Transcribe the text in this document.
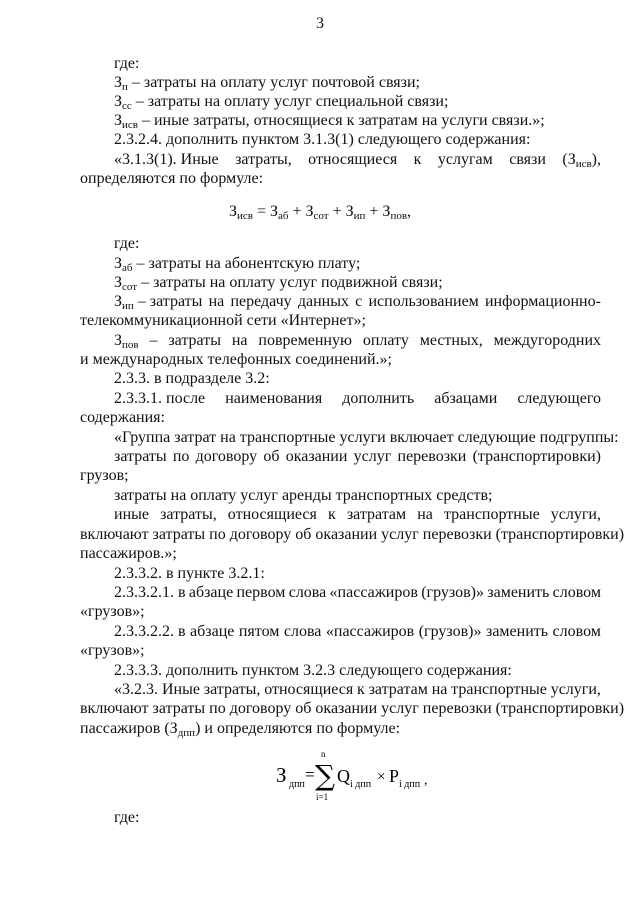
3
где:
$З_п$ – затраты на оплату услуг почтовой связи;
$З_{сс}$ – затраты на оплату услуг специальной связи;
$З_{исв}$ – иные затраты, относящиеся к затратам на услуги связи.»;
2.3.2.4. дополнить пунктом 3.1.3(1) следующего содержания:
«3.1.3(1). Иные затраты, относящиеся к услугам связи $(З_{исв})$,
определяются по формуле:
$З_{исв} = З_{аб} + З_{сот} + З_{ип} + З_{пов}$,
где:
$З_{аб}$ – затраты на абонентскую плату;
$З_{сот}$ – затраты на оплату услуг подвижной связи;
$З_{ип}$ – затраты на передачу данных с использованием информационно-
телекоммуникационной сети «Интернет»;
$З_{пов}$ – затраты на повременную оплату местных, междугородних
и международных телефонных соединений.»;
2.3.3. в подразделе 3.2:
2.3.3.1. после наименования дополнить абзацами следующего
содержания:
«Группа затрат на транспортные услуги включает следующие подгруппы:
затраты по договору об оказании услуг перевозки (транспортировки)
грузов;
затраты на оплату услуг аренды транспортных средств;
иные затраты, относящиеся к затратам на транспортные услуги,
включают затраты по договору об оказании услуг перевозки (транспортировки)
пассажиров.»;
2.3.3.2. в пункте 3.2.1:
2.3.3.2.1. в абзаце первом слова «пассажиров (грузов)» заменить словом
«грузов»;
2.3.3.2.2. в абзаце пятом слова «пассажиров (грузов)» заменить словом
«грузов»;
2.3.3.3. дополнить пунктом 3.2.3 следующего содержания:
«3.2.3. Иные затраты, относящиеся к затратам на транспортные услуги,
включают затраты по договору об оказании услуг перевозки (транспортировки)
пассажиров $(З_{дпп})$ и определяются по формуле:
З дпп
= ∑
n
i=1
Q i дпп × P i дпп ,
где:
